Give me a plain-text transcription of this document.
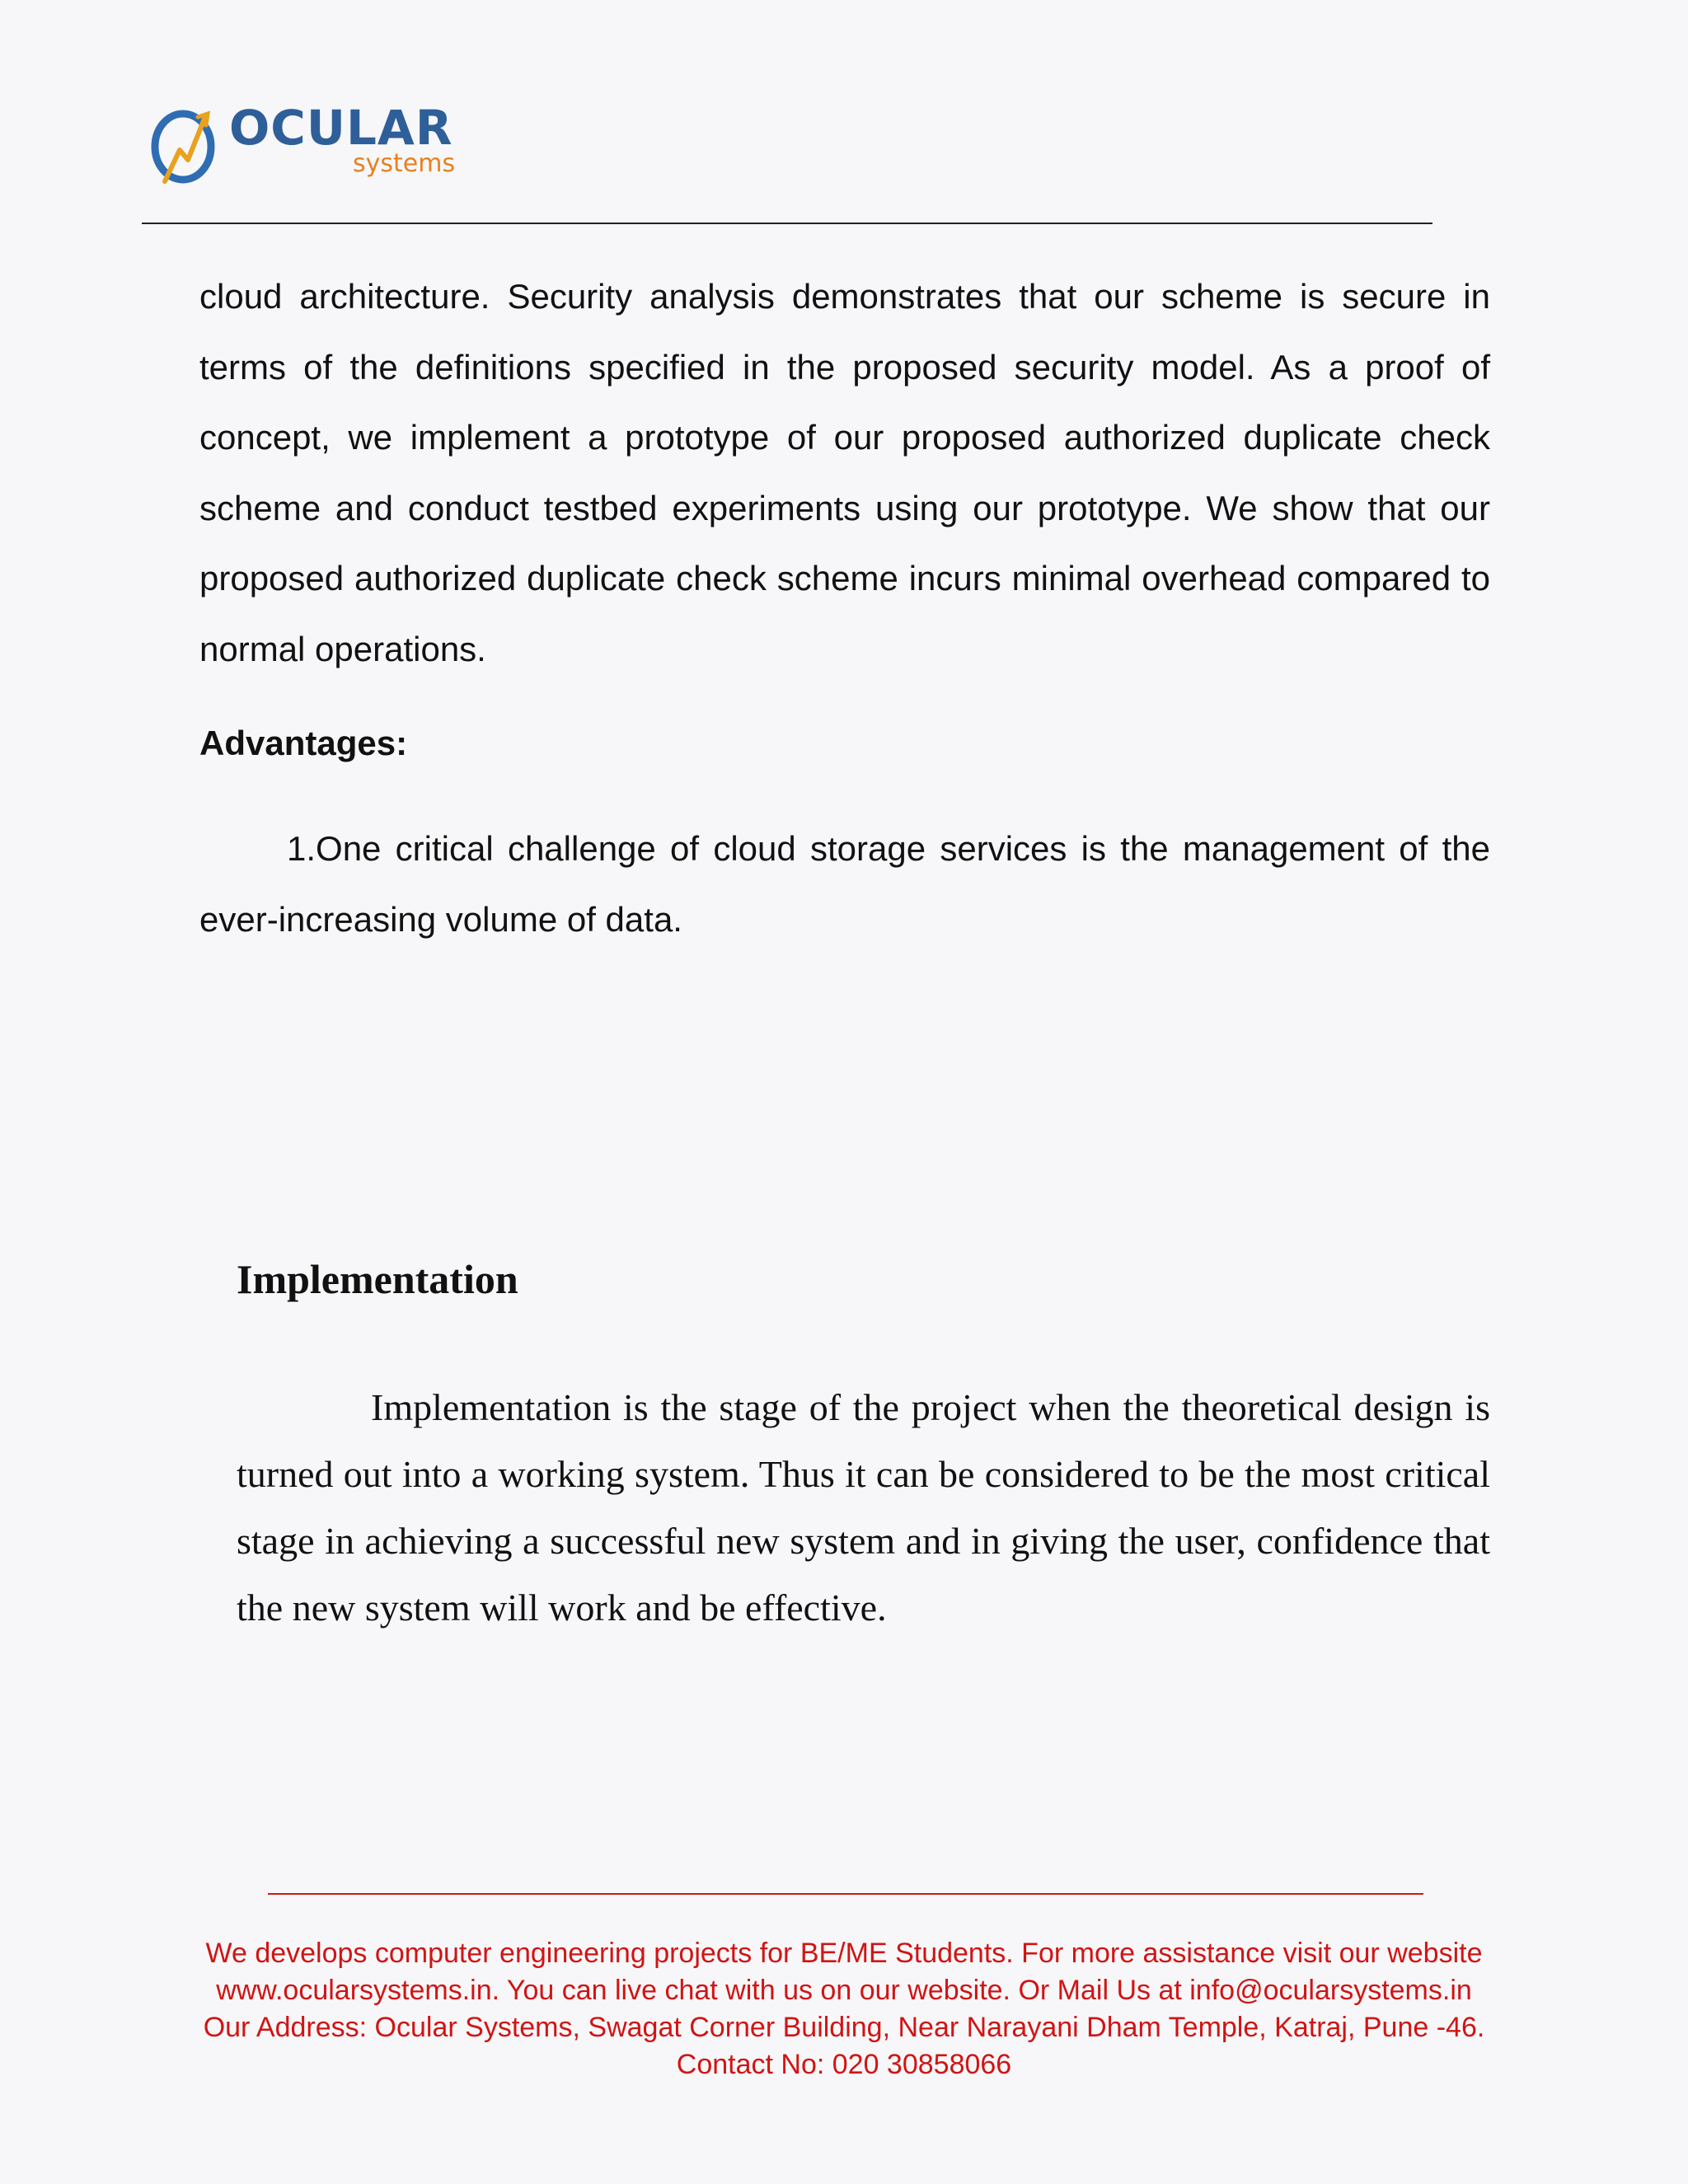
OCULAR
systems

cloud architecture. Security analysis demonstrates that our scheme is secure in terms of the definitions specified in the proposed security model. As a proof of concept, we implement a prototype of our proposed authorized duplicate check scheme and conduct testbed experiments using our prototype. We show that our proposed authorized duplicate check scheme incurs minimal overhead compared to normal operations.

Advantages:

1.One critical challenge of cloud storage services is the management of the ever-increasing volume of data.

Implementation

Implementation is the stage of the project when the theoretical design is turned out into a working system. Thus it can be considered to be the most critical stage in achieving a successful new system and in giving the user, confidence that the new system will work and be effective.

We develops computer engineering projects for BE/ME Students. For more assistance visit our website
www.ocularsystems.in. You can live chat with us on our website. Or Mail Us at info@ocularsystems.in
Our Address: Ocular Systems, Swagat Corner Building, Near Narayani Dham Temple, Katraj, Pune -46.
Contact No: 020 30858066
